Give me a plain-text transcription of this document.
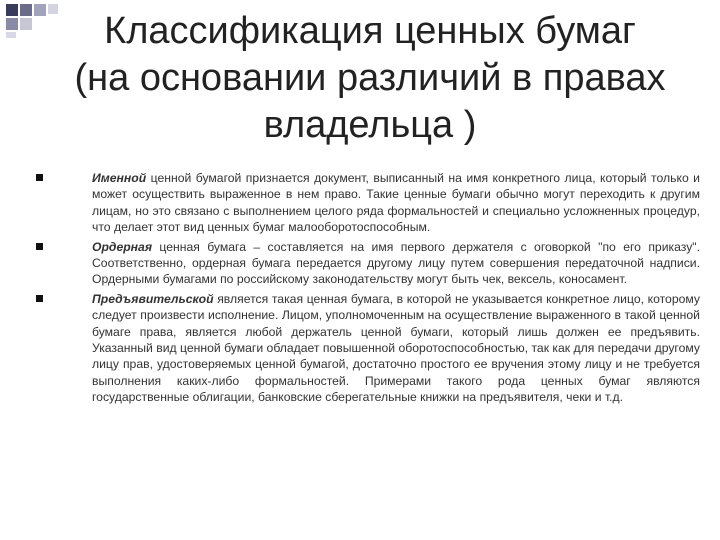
Классификация ценных бумаг
(на основании различий в правах
владельца )
Именной ценной бумагой признается документ, выписанный на имя конкретного лица, который только и может осуществить выраженное в нем право. Такие ценные бумаги обычно могут переходить к другим лицам, но это связано с выполнением целого ряда формальностей и специально усложненных процедур, что делает этот вид ценных бумаг малооборотоспособным.
Ордерная ценная бумага – составляется на имя первого держателя с оговоркой "по его приказу". Соответственно, ордерная бумага передается другому лицу путем совершения передаточной надписи. Ордерными бумагами по российскому законодательству могут быть чек, вексель, коносамент.
Предъявительской является такая ценная бумага, в которой не указывается конкретное лицо, которому следует произвести исполнение. Лицом, уполномоченным на осуществление выраженного в такой ценной бумаге права, является любой держатель ценной бумаги, который лишь должен ее предъявить. Указанный вид ценной бумаги обладает повышенной оборотоспособностью, так как для передачи другому лицу прав, удостоверяемых ценной бумагой, достаточно простого ее вручения этому лицу и не требуется выполнения каких-либо формальностей. Примерами такого рода ценных бумаг являются государственные облигации, банковские сберегательные книжки на предъявителя, чеки и т.д.
